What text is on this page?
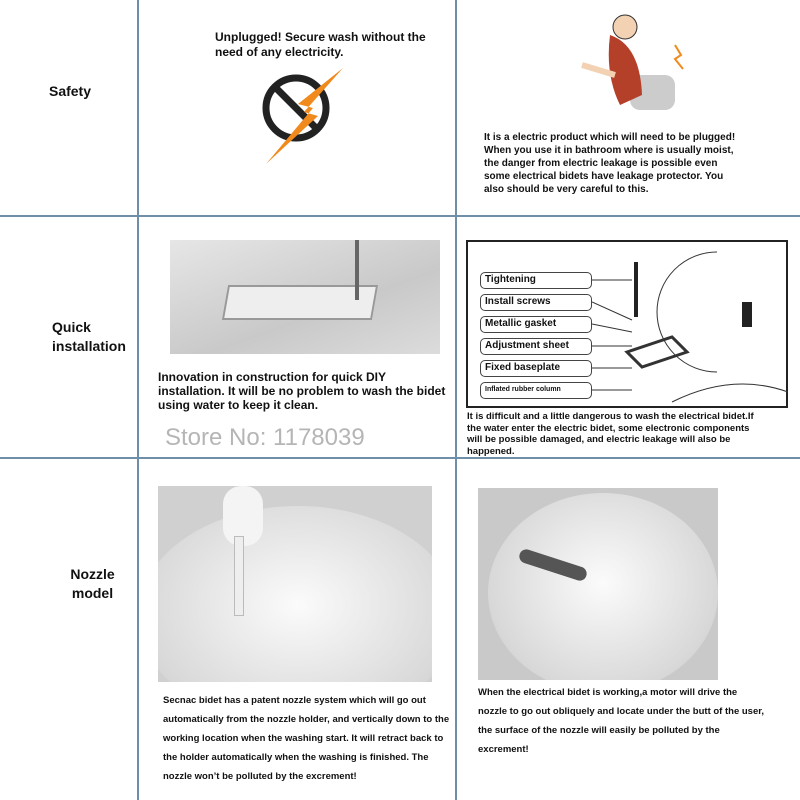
Safety
Unplugged! Secure wash without the need of any electricity.
It is a electric product which will need to be plugged! When you use it in bathroom where is usually moist, the danger from electric leakage is possible even some electrical bidets have leakage protector. You also should be very careful to this.
Quick installation
Innovation in construction for quick DIY installation. It will be no problem to wash the bidet using water to keep it clean.
Store No: 1178039
Tightening
Install screws
Metallic gasket
Adjustment sheet
Fixed baseplate
Inflated rubber column
It is difficult and a little dangerous to wash the electrical bidet.If the water enter the electric bidet, some electronic components will be possible damaged, and electric leakage will also be happened.
Nozzle model
Secnac bidet has a patent nozzle system which will go out automatically from the nozzle holder, and vertically down to the working location when the washing start. It will retract back to the holder automatically when the washing is finished. The nozzle won’t be polluted by the excrement!
When the electrical bidet is working,a motor will drive the nozzle to go out obliquely and locate under the butt of the user, the surface of the nozzle will easily be polluted by the excrement!
